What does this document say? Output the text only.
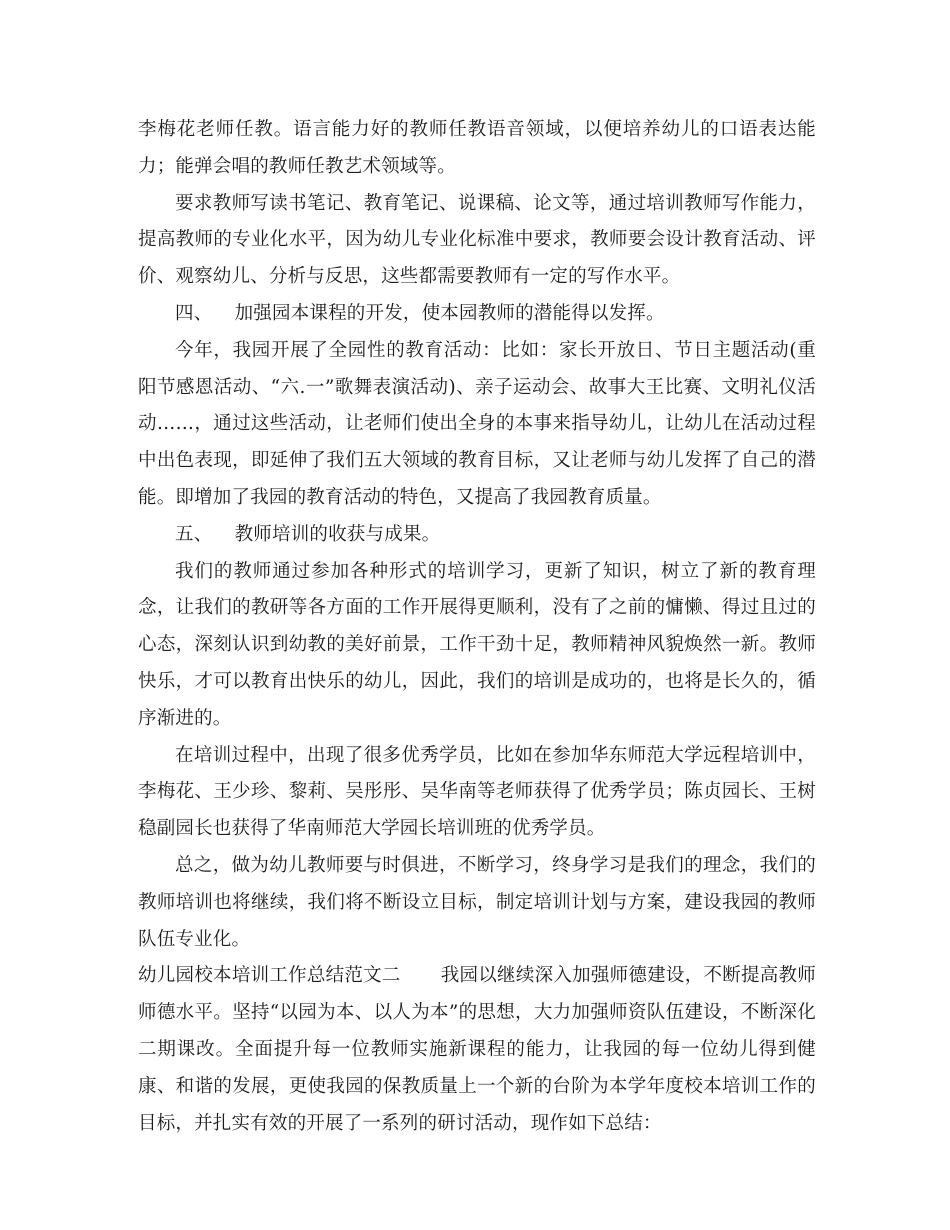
李梅花老师任教。语言能力好的教师任教语音领域，以便培养幼儿的口语表达能力；能弹会唱的教师任教艺术领域等。

要求教师写读书笔记、教育笔记、说课稿、论文等，通过培训教师写作能力，提高教师的专业化水平，因为幼儿专业化标准中要求，教师要会设计教育活动、评价、观察幼儿、分析与反思，这些都需要教师有一定的写作水平。

四、 加强园本课程的开发，使本园教师的潜能得以发挥。

今年，我园开展了全园性的教育活动：比如：家长开放日、节日主题活动(重阳节感恩活动、“六.一”歌舞表演活动)、亲子运动会、故事大王比赛、文明礼仪活动……，通过这些活动，让老师们使出全身的本事来指导幼儿，让幼儿在活动过程中出色表现，即延伸了我们五大领域的教育目标，又让老师与幼儿发挥了自己的潜能。即增加了我园的教育活动的特色，又提高了我园教育质量。

五、 教师培训的收获与成果。

我们的教师通过参加各种形式的培训学习，更新了知识，树立了新的教育理念，让我们的教研等各方面的工作开展得更顺利，没有了之前的慵懒、得过且过的心态，深刻认识到幼教的美好前景，工作干劲十足，教师精神风貌焕然一新。教师快乐，才可以教育出快乐的幼儿，因此，我们的培训是成功的，也将是长久的，循序渐进的。

在培训过程中，出现了很多优秀学员，比如在参加华东师范大学远程培训中，李梅花、王少珍、黎莉、吴彤彤、吴华南等老师获得了优秀学员；陈贞园长、王树稳副园长也获得了华南师范大学园长培训班的优秀学员。

总之，做为幼儿教师要与时俱进，不断学习，终身学习是我们的理念，我们的教师培训也将继续，我们将不断设立目标，制定培训计划与方案，建设我园的教师队伍专业化。

幼儿园校本培训工作总结范文二 我园以继续深入加强师德建设，不断提高教师师德水平。坚持“以园为本、以人为本”的思想，大力加强师资队伍建设，不断深化二期课改。全面提升每一位教师实施新课程的能力，让我园的每一位幼儿得到健康、和谐的发展，更使我园的保教质量上一个新的台阶为本学年度校本培训工作的目标，并扎实有效的开展了一系列的研讨活动，现作如下总结：
